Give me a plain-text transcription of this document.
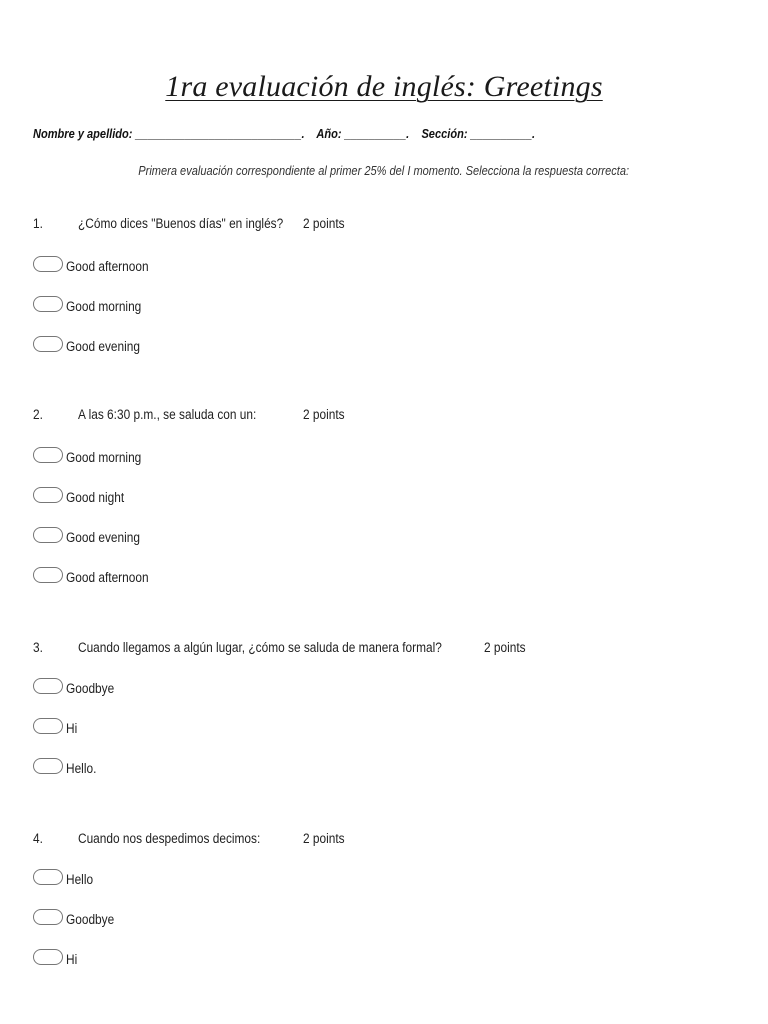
1ra evaluación de inglés: Greetings
Nombre y apellido: ___________________________.    Año: __________.    Sección: __________.
Primera evaluación correspondiente al primer 25% del I momento. Selecciona la respuesta correcta:
1.	¿Cómo dices "Buenos días" en inglés? 2 points
Good afternoon
Good morning
Good evening
2.	A las 6:30 p.m., se saluda con un:	2 points
Good morning
Good night
Good evening
Good afternoon
3.	Cuando llegamos a algún lugar, ¿cómo se saluda de manera formal?	2 points
Goodbye
Hi
Hello.
4.	Cuando nos despedimos decimos:	2 points
Hello
Goodbye
Hi
